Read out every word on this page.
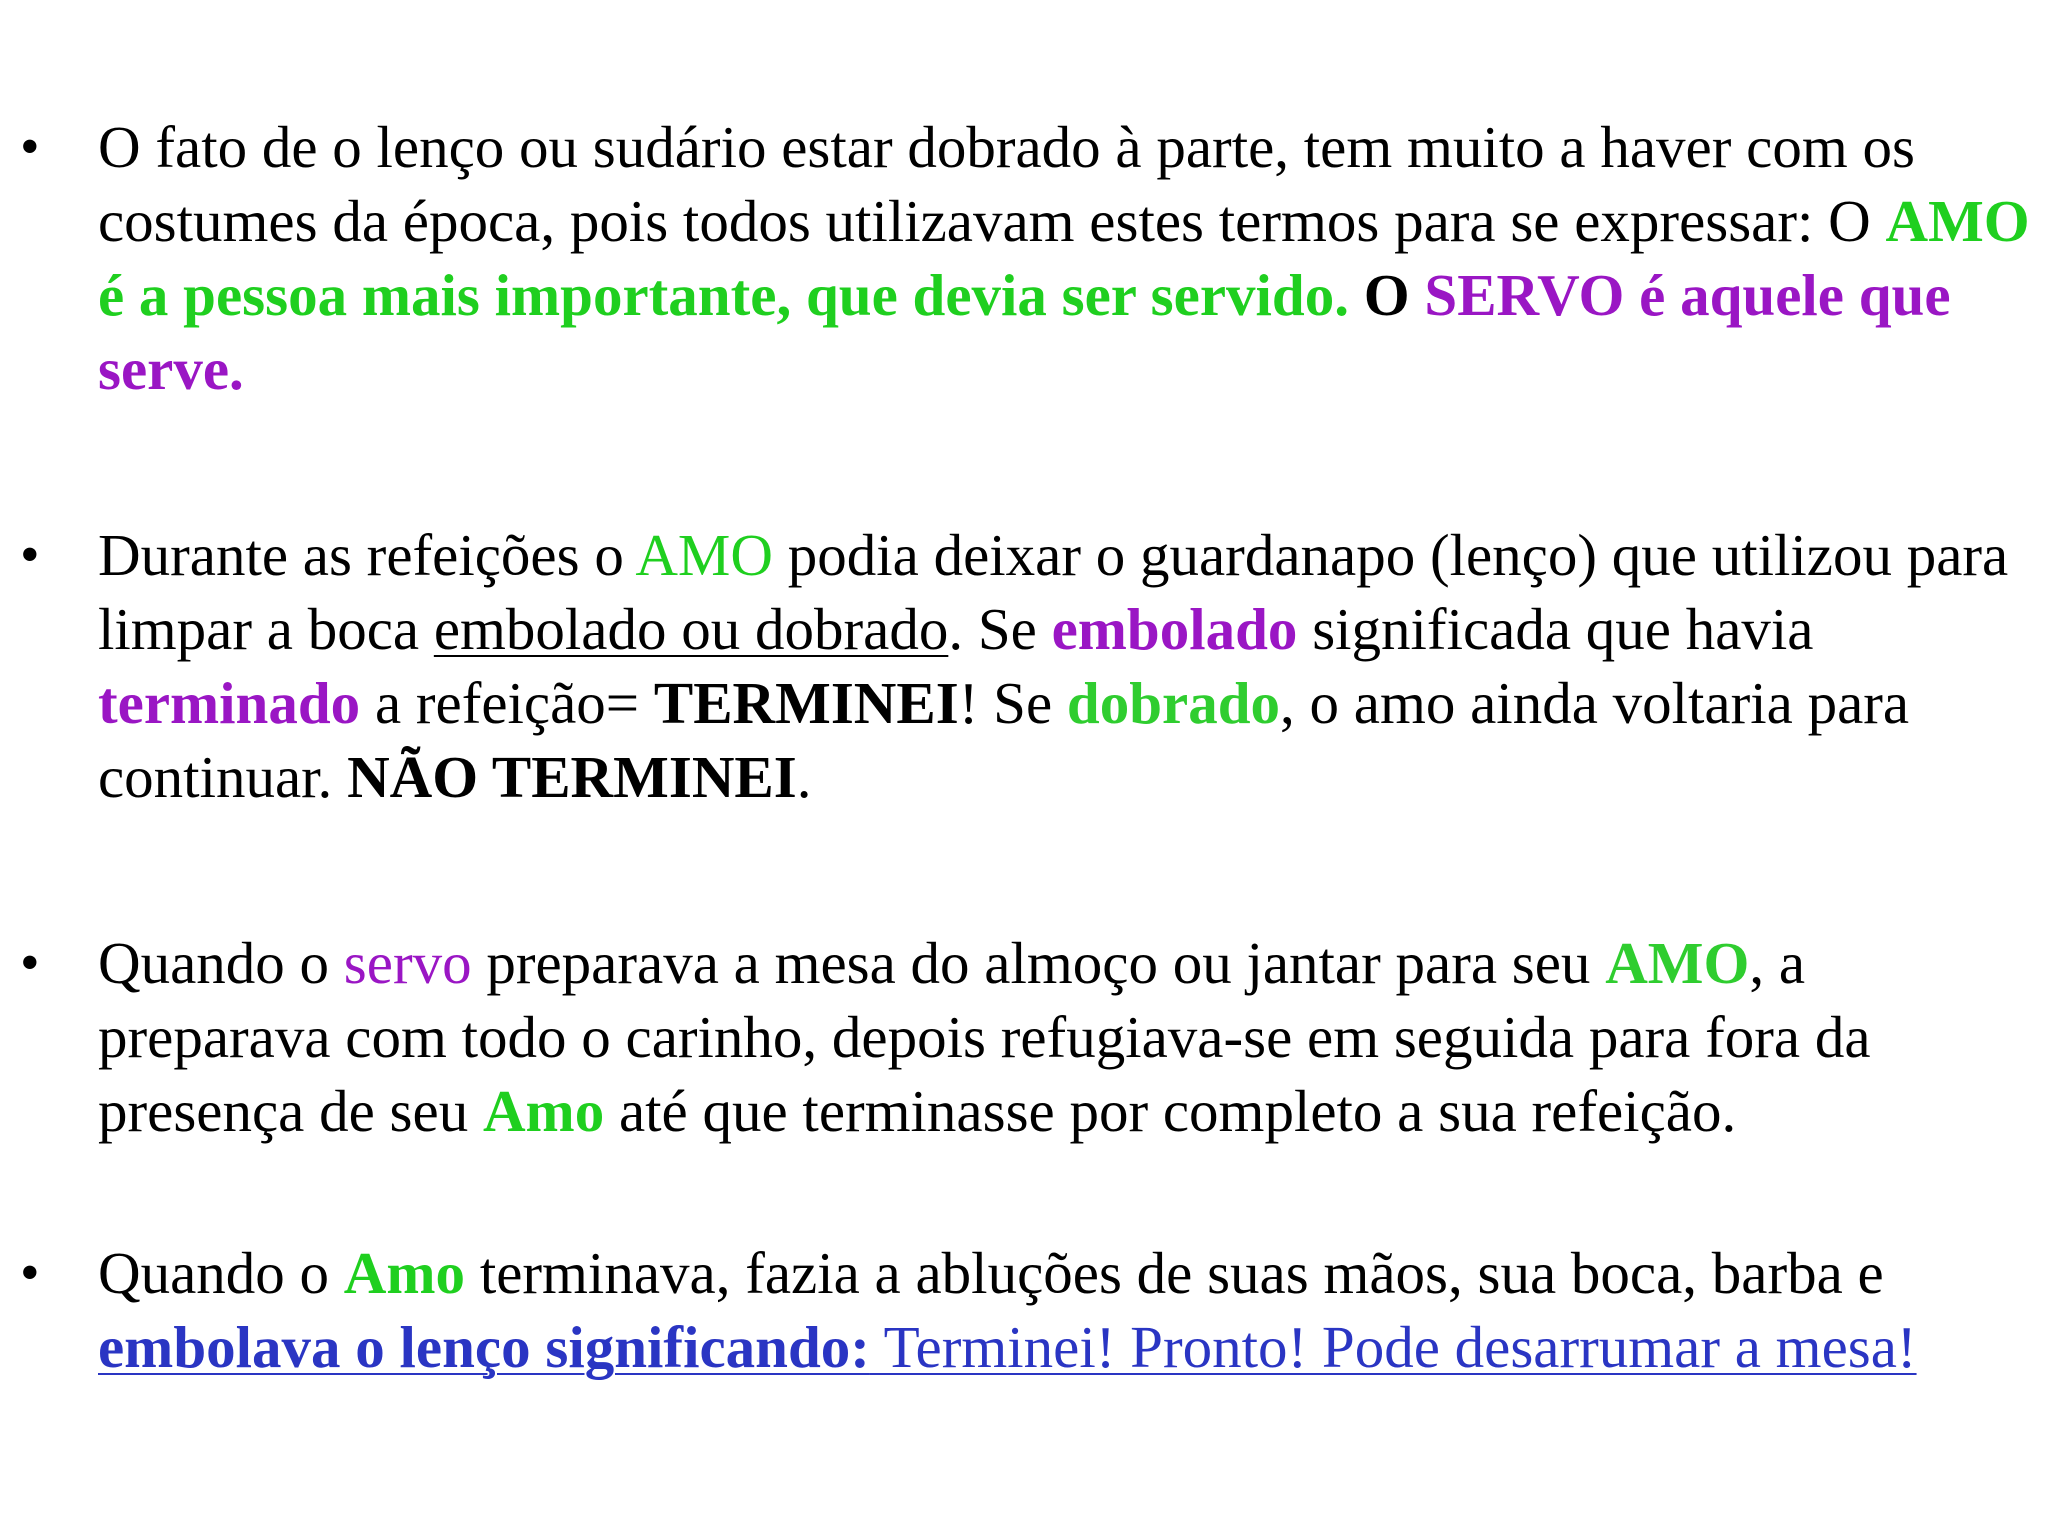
• O fato de o lenço ou sudário estar dobrado à parte, tem muito a haver com os costumes da época, pois todos utilizavam estes termos para se expressar: O AMO é a pessoa mais importante, que devia ser servido. O SERVO é aquele que serve.
• Durante as refeições o AMO podia deixar o guardanapo (lenço) que utilizou para limpar a boca embolado ou dobrado. Se embolado significada que havia terminado a refeição= TERMINEI! Se dobrado, o amo ainda voltaria para continuar. NÃO TERMINEI.
• Quando o servo preparava a mesa do almoço ou jantar para seu AMO, a preparava com todo o carinho, depois refugiava-se em seguida para fora da presença de seu Amo até que terminasse por completo a sua refeição.
• Quando o Amo terminava, fazia a abluções de suas mãos, sua boca, barba e embolava o lenço significando: Terminei! Pronto! Pode desarrumar a mesa!
